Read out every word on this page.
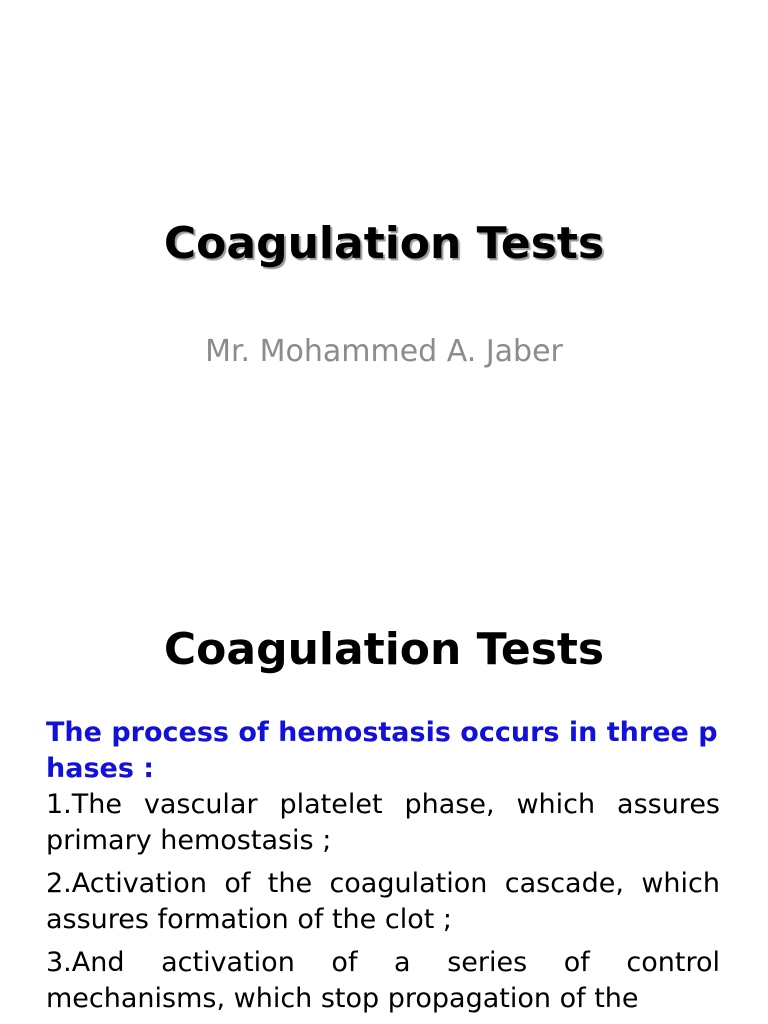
Coagulation Tests
Mr. Mohammed A. Jaber
Coagulation Tests

The process of hemostasis occurs in three phases :

1.The vascular platelet phase, which assures primary hemostasis ;

2.Activation of the coagulation cascade, which assures formation of the clot ;

3.And activation of a series of control mechanisms, which stop propagation of the
